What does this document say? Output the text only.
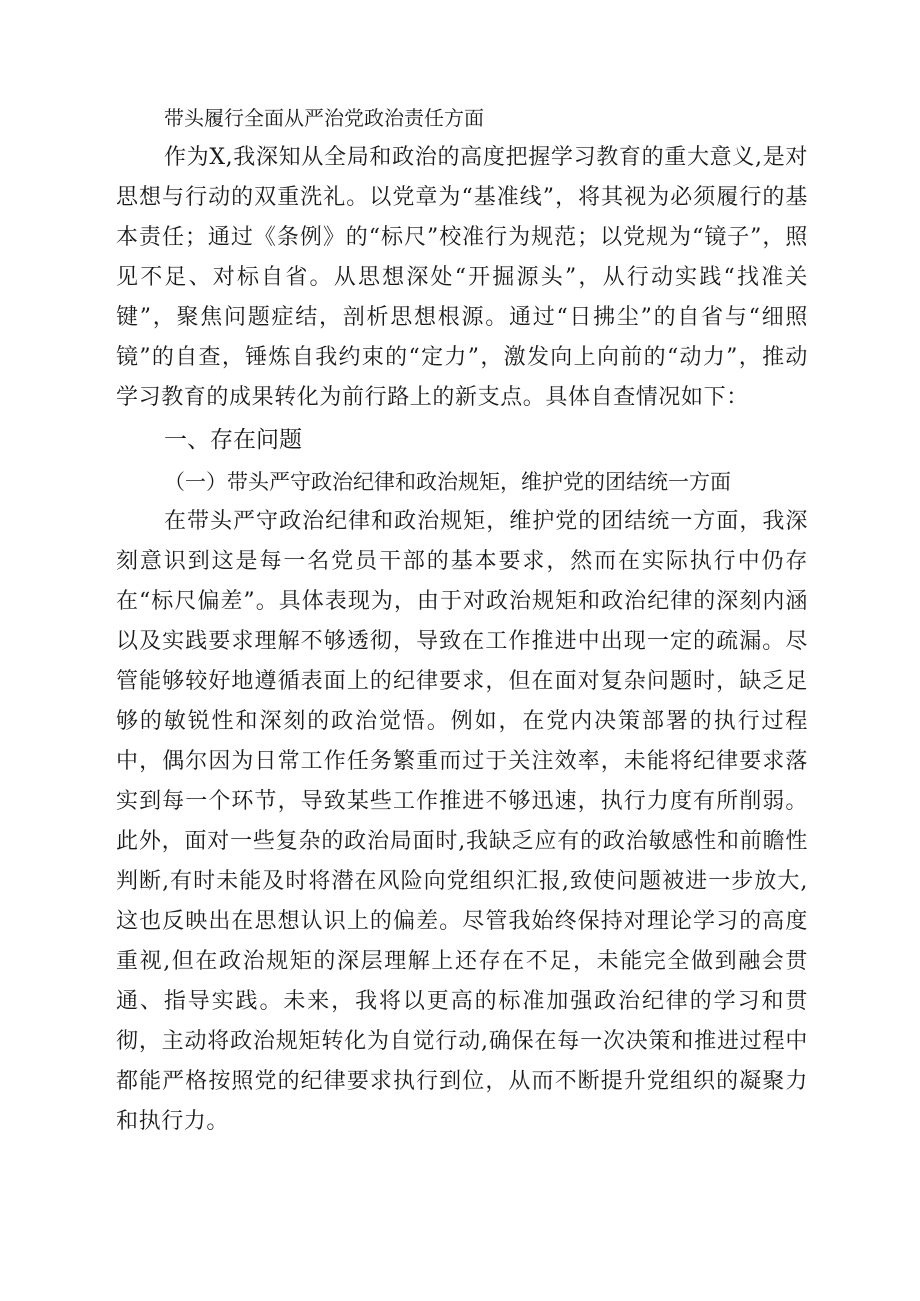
带头履行全面从严治党政治责任方面

作为X,我深知从全局和政治的高度把握学习教育的重大意义,是对思想与行动的双重洗礼。以党章为“基准线”，将其视为必须履行的基本责任；通过《条例》的“标尺”校准行为规范；以党规为“镜子”，照见不足、对标自省。从思想深处“开掘源头”，从行动实践“找准关键”，聚焦问题症结，剖析思想根源。通过“日拂尘”的自省与“细照镜”的自查，锤炼自我约束的“定力”，激发向上向前的“动力”，推动学习教育的成果转化为前行路上的新支点。具体自查情况如下：

一、存在问题

（一）带头严守政治纪律和政治规矩，维护党的团结统一方面

在带头严守政治纪律和政治规矩，维护党的团结统一方面，我深刻意识到这是每一名党员干部的基本要求，然而在实际执行中仍存在“标尺偏差”。具体表现为，由于对政治规矩和政治纪律的深刻内涵以及实践要求理解不够透彻，导致在工作推进中出现一定的疏漏。尽管能够较好地遵循表面上的纪律要求，但在面对复杂问题时，缺乏足够的敏锐性和深刻的政治觉悟。例如，在党内决策部署的执行过程中，偶尔因为日常工作任务繁重而过于关注效率，未能将纪律要求落实到每一个环节，导致某些工作推进不够迅速，执行力度有所削弱。此外，面对一些复杂的政治局面时,我缺乏应有的政治敏感性和前瞻性判断,有时未能及时将潜在风险向党组织汇报,致使问题被进一步放大,这也反映出在思想认识上的偏差。尽管我始终保持对理论学习的高度重视,但在政治规矩的深层理解上还存在不足，未能完全做到融会贯通、指导实践。未来，我将以更高的标准加强政治纪律的学习和贯彻，主动将政治规矩转化为自觉行动,确保在每一次决策和推进过程中都能严格按照党的纪律要求执行到位，从而不断提升党组织的凝聚力和执行力。
